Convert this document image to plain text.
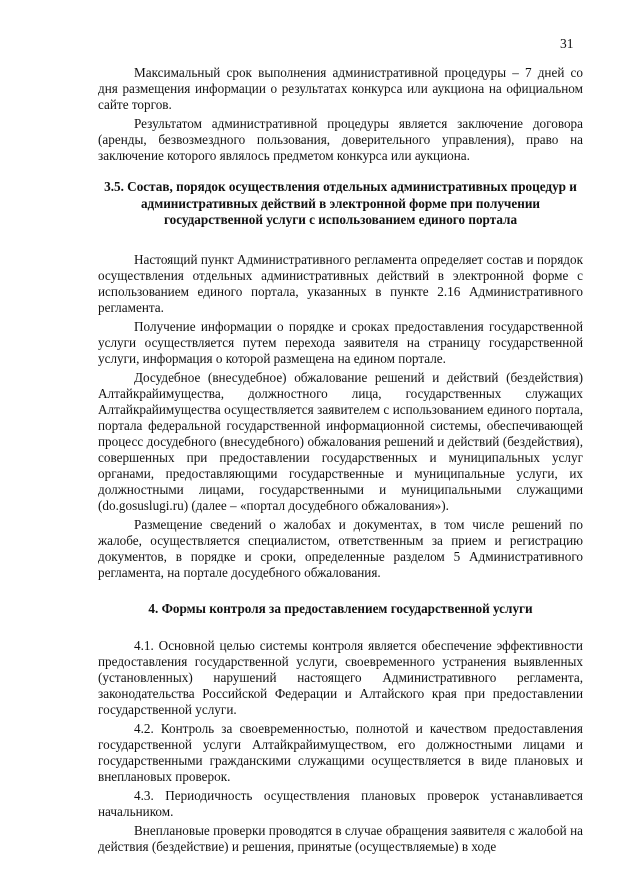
31

Максимальный срок выполнения административной процедуры – 7 дней со дня размещения информации о результатах конкурса или аукциона на официальном сайте торгов.

Результатом административной процедуры является заключение договора (аренды, безвозмездного пользования, доверительного управления), право на заключение которого являлось предметом конкурса или аукциона.

3.5. Состав, порядок осуществления отдельных административных процедур и административных действий в электронной форме при получении государственной услуги с использованием единого портала

Настоящий пункт Административного регламента определяет состав и порядок осуществления отдельных административных действий в электронной форме с использованием единого портала, указанных в пункте 2.16 Административного регламента.

Получение информации о порядке и сроках предоставления государственной услуги осуществляется путем перехода заявителя на страницу государственной услуги, информация о которой размещена на едином портале.

Досудебное (внесудебное) обжалование решений и действий (бездействия) Алтайкрайимущества, должностного лица, государственных служащих Алтайкрайимущества осуществляется заявителем с использованием единого портала, портала федеральной государственной информационной системы, обеспечивающей процесс досудебного (внесудебного) обжалования решений и действий (бездействия), совершенных при предоставлении государственных и муниципальных услуг органами, предоставляющими государственные и муниципальные услуги, их должностными лицами, государственными и муниципальными служащими (do.gosuslugi.ru) (далее – «портал досудебного обжалования»).

Размещение сведений о жалобах и документах, в том числе решений по жалобе, осуществляется специалистом, ответственным за прием и регистрацию документов, в порядке и сроки, определенные разделом 5 Административного регламента, на портале досудебного обжалования.

4. Формы контроля за предоставлением государственной услуги

4.1. Основной целью системы контроля является обеспечение эффективности предоставления государственной услуги, своевременного устранения выявленных (установленных) нарушений настоящего Административного регламента, законодательства Российской Федерации и Алтайского края при предоставлении государственной услуги.

4.2. Контроль за своевременностью, полнотой и качеством предоставления государственной услуги Алтайкрайимуществом, его должностными лицами и государственными гражданскими служащими осуществляется в виде плановых и внеплановых проверок.

4.3. Периодичность осуществления плановых проверок устанавливается начальником.

Внеплановые проверки проводятся в случае обращения заявителя с жалобой на действия (бездействие) и решения, принятые (осуществляемые) в ходе
